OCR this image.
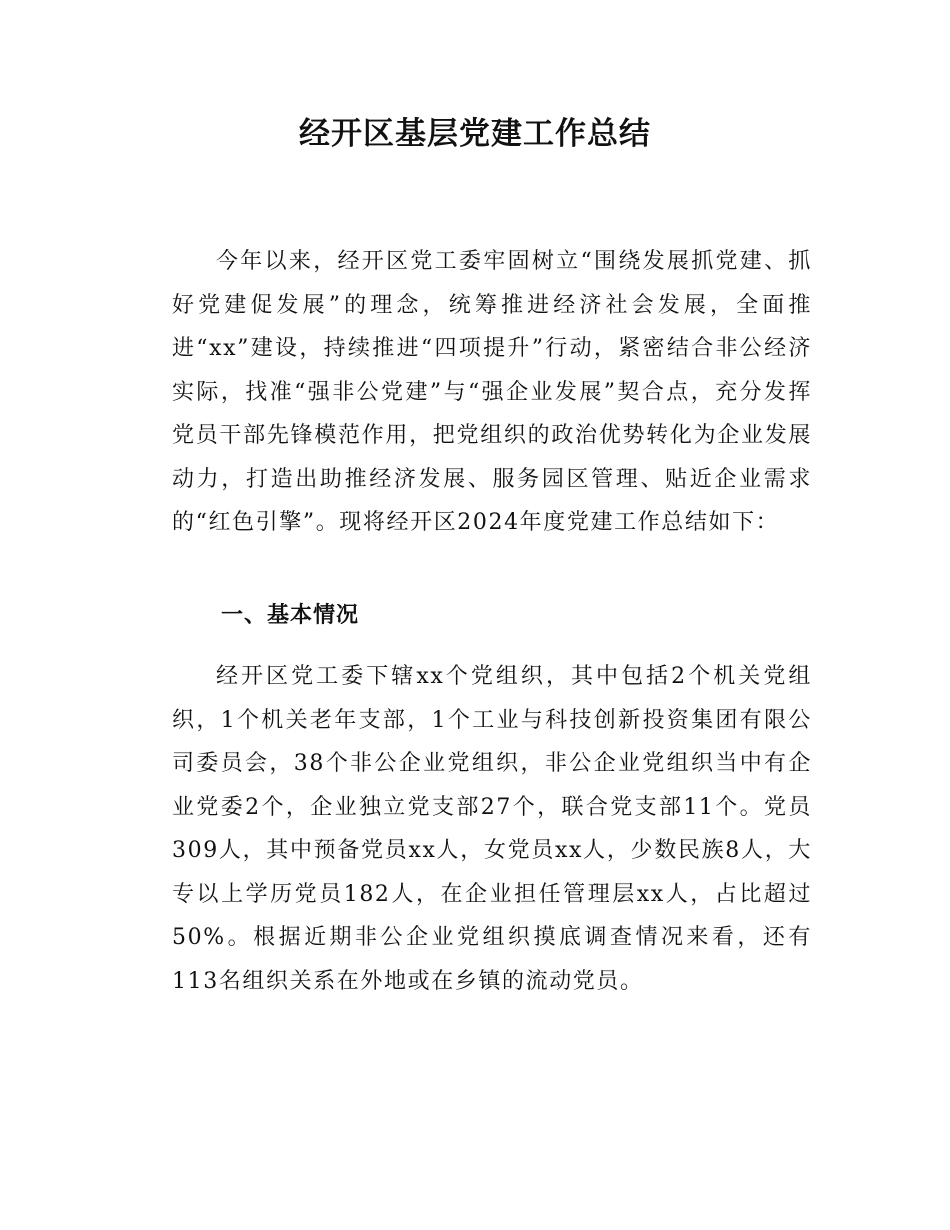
经开区基层党建工作总结

今年以来，经开区党工委牢固树立“围绕发展抓党建、抓好党建促发展”的理念，统筹推进经济社会发展，全面推进“xx”建设，持续推进“四项提升”行动，紧密结合非公经济实际，找准“强非公党建”与“强企业发展”契合点，充分发挥党员干部先锋模范作用，把党组织的政治优势转化为企业发展动力，打造出助推经济发展、服务园区管理、贴近企业需求的“红色引擎”。现将经开区2024年度党建工作总结如下：

一、基本情况

经开区党工委下辖xx个党组织，其中包括2个机关党组织，1个机关老年支部，1个工业与科技创新投资集团有限公司委员会，38个非公企业党组织，非公企业党组织当中有企业党委2个，企业独立党支部27个，联合党支部11个。党员309人，其中预备党员xx人，女党员xx人，少数民族8人，大专以上学历党员182人，在企业担任管理层xx人，占比超过50%。根据近期非公企业党组织摸底调查情况来看，还有113名组织关系在外地或在乡镇的流动党员。
